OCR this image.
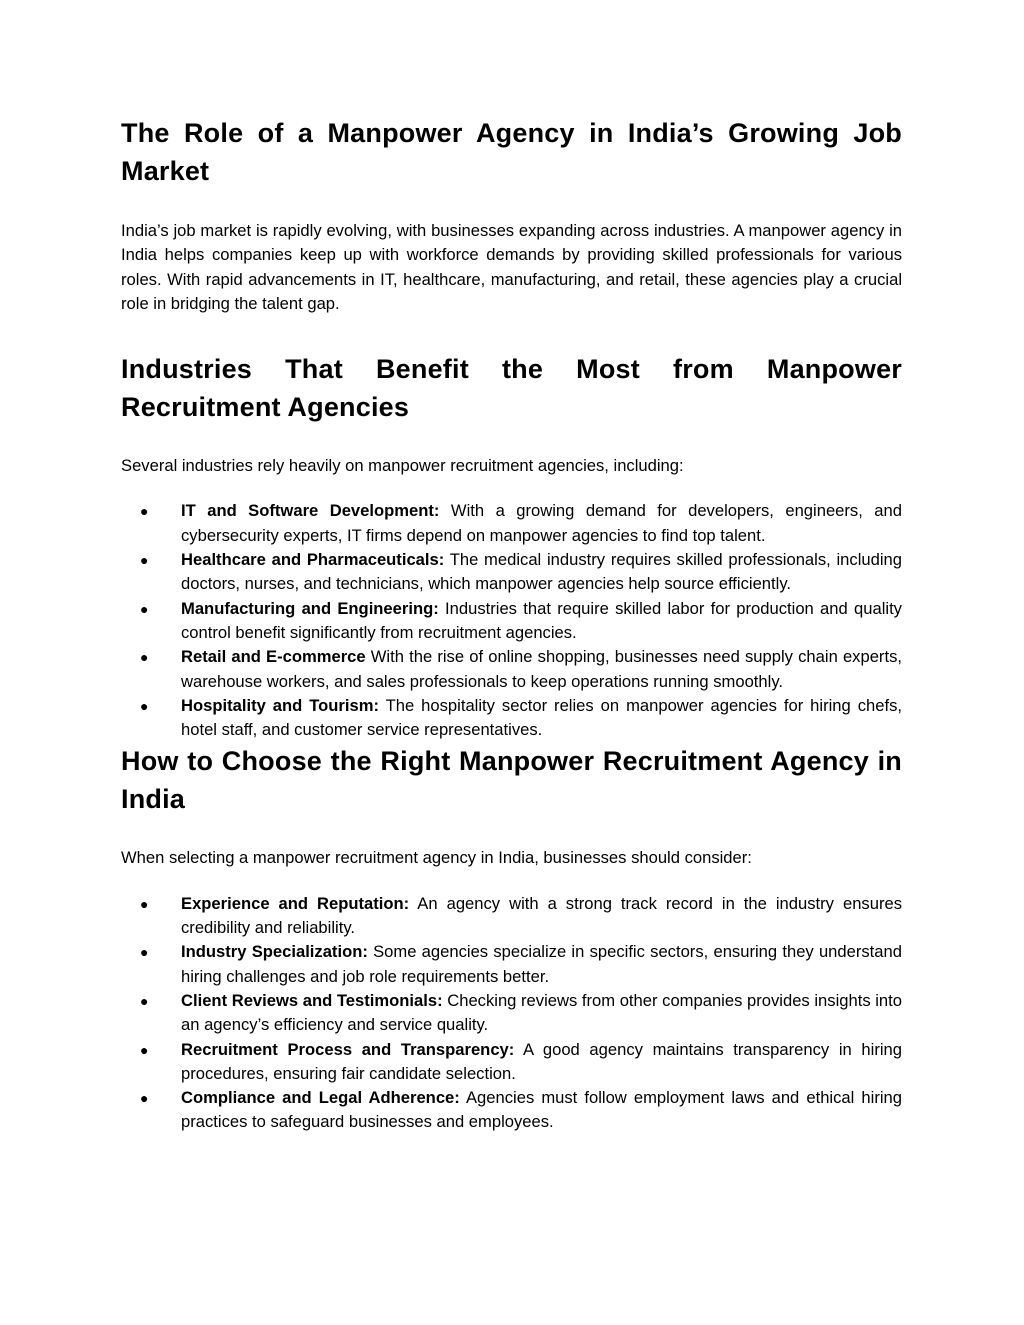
The Role of a Manpower Agency in India’s Growing Job Market

India’s job market is rapidly evolving, with businesses expanding across industries. A manpower agency in India helps companies keep up with workforce demands by providing skilled professionals for various roles. With rapid advancements in IT, healthcare, manufacturing, and retail, these agencies play a crucial role in bridging the talent gap.

Industries That Benefit the Most from Manpower Recruitment Agencies

Several industries rely heavily on manpower recruitment agencies, including:

● IT and Software Development: With a growing demand for developers, engineers, and cybersecurity experts, IT firms depend on manpower agencies to find top talent.
● Healthcare and Pharmaceuticals: The medical industry requires skilled professionals, including doctors, nurses, and technicians, which manpower agencies help source efficiently.
● Manufacturing and Engineering: Industries that require skilled labor for production and quality control benefit significantly from recruitment agencies.
● Retail and E-commerce With the rise of online shopping, businesses need supply chain experts, warehouse workers, and sales professionals to keep operations running smoothly.
● Hospitality and Tourism: The hospitality sector relies on manpower agencies for hiring chefs, hotel staff, and customer service representatives.
How to Choose the Right Manpower Recruitment Agency in India

When selecting a manpower recruitment agency in India, businesses should consider:

● Experience and Reputation: An agency with a strong track record in the industry ensures credibility and reliability.
● Industry Specialization: Some agencies specialize in specific sectors, ensuring they understand hiring challenges and job role requirements better.
● Client Reviews and Testimonials: Checking reviews from other companies provides insights into an agency’s efficiency and service quality.
● Recruitment Process and Transparency: A good agency maintains transparency in hiring procedures, ensuring fair candidate selection.
● Compliance and Legal Adherence: Agencies must follow employment laws and ethical hiring practices to safeguard businesses and employees.
